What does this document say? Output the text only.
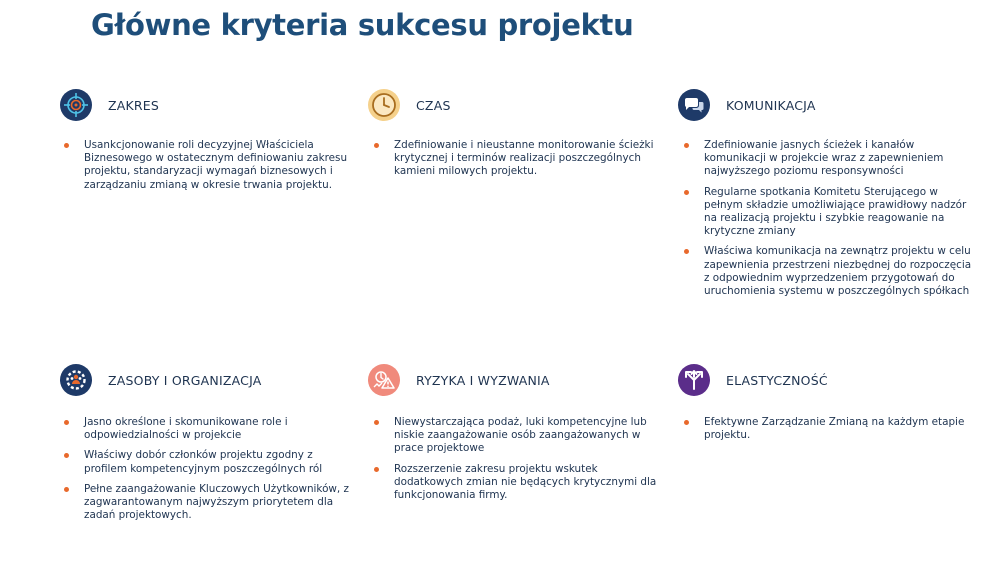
Główne kryteria sukcesu projektu
ZAKRES
Usankcjonowanie roli decyzyjnej Właściciela Biznesowego w ostatecznym definiowaniu zakresu projektu, standaryzacji wymagań biznesowych i zarządzaniu zmianą w okresie trwania projektu.
CZAS
Zdefiniowanie i nieustanne monitorowanie ścieżki krytycznej i terminów realizacji poszczególnych kamieni milowych projektu.
KOMUNIKACJA
Zdefiniowanie jasnych ścieżek i kanałów komunikacji w projekcie wraz z zapewnieniem najwyższego poziomu responsywności
Regularne spotkania Komitetu Sterującego w pełnym składzie umożliwiające prawidłowy nadzór na realizacją projektu i szybkie reagowanie na krytyczne zmiany
Właściwa komunikacja na zewnątrz projektu w celu zapewnienia przestrzeni niezbędnej do rozpoczęcia z odpowiednim wyprzedzeniem przygotowań do uruchomienia systemu w poszczególnych spółkach
ZASOBY I ORGANIZACJA
Jasno określone i skomunikowane role i odpowiedzialności w projekcie
Właściwy dobór członków projektu zgodny z profilem kompetencyjnym poszczególnych ról
Pełne zaangażowanie Kluczowych Użytkowników, z zagwarantowanym najwyższym priorytetem dla zadań projektowych.
RYZYKA I WYZWANIA
Niewystarczająca podaż, luki kompetencyjne lub niskie zaangażowanie osób zaangażowanych w prace projektowe
Rozszerzenie zakresu projektu wskutek dodatkowych zmian nie będących krytycznymi dla funkcjonowania firmy.
ELASTYCZNOŚĆ
Efektywne Zarządzanie Zmianą na każdym etapie projektu.
